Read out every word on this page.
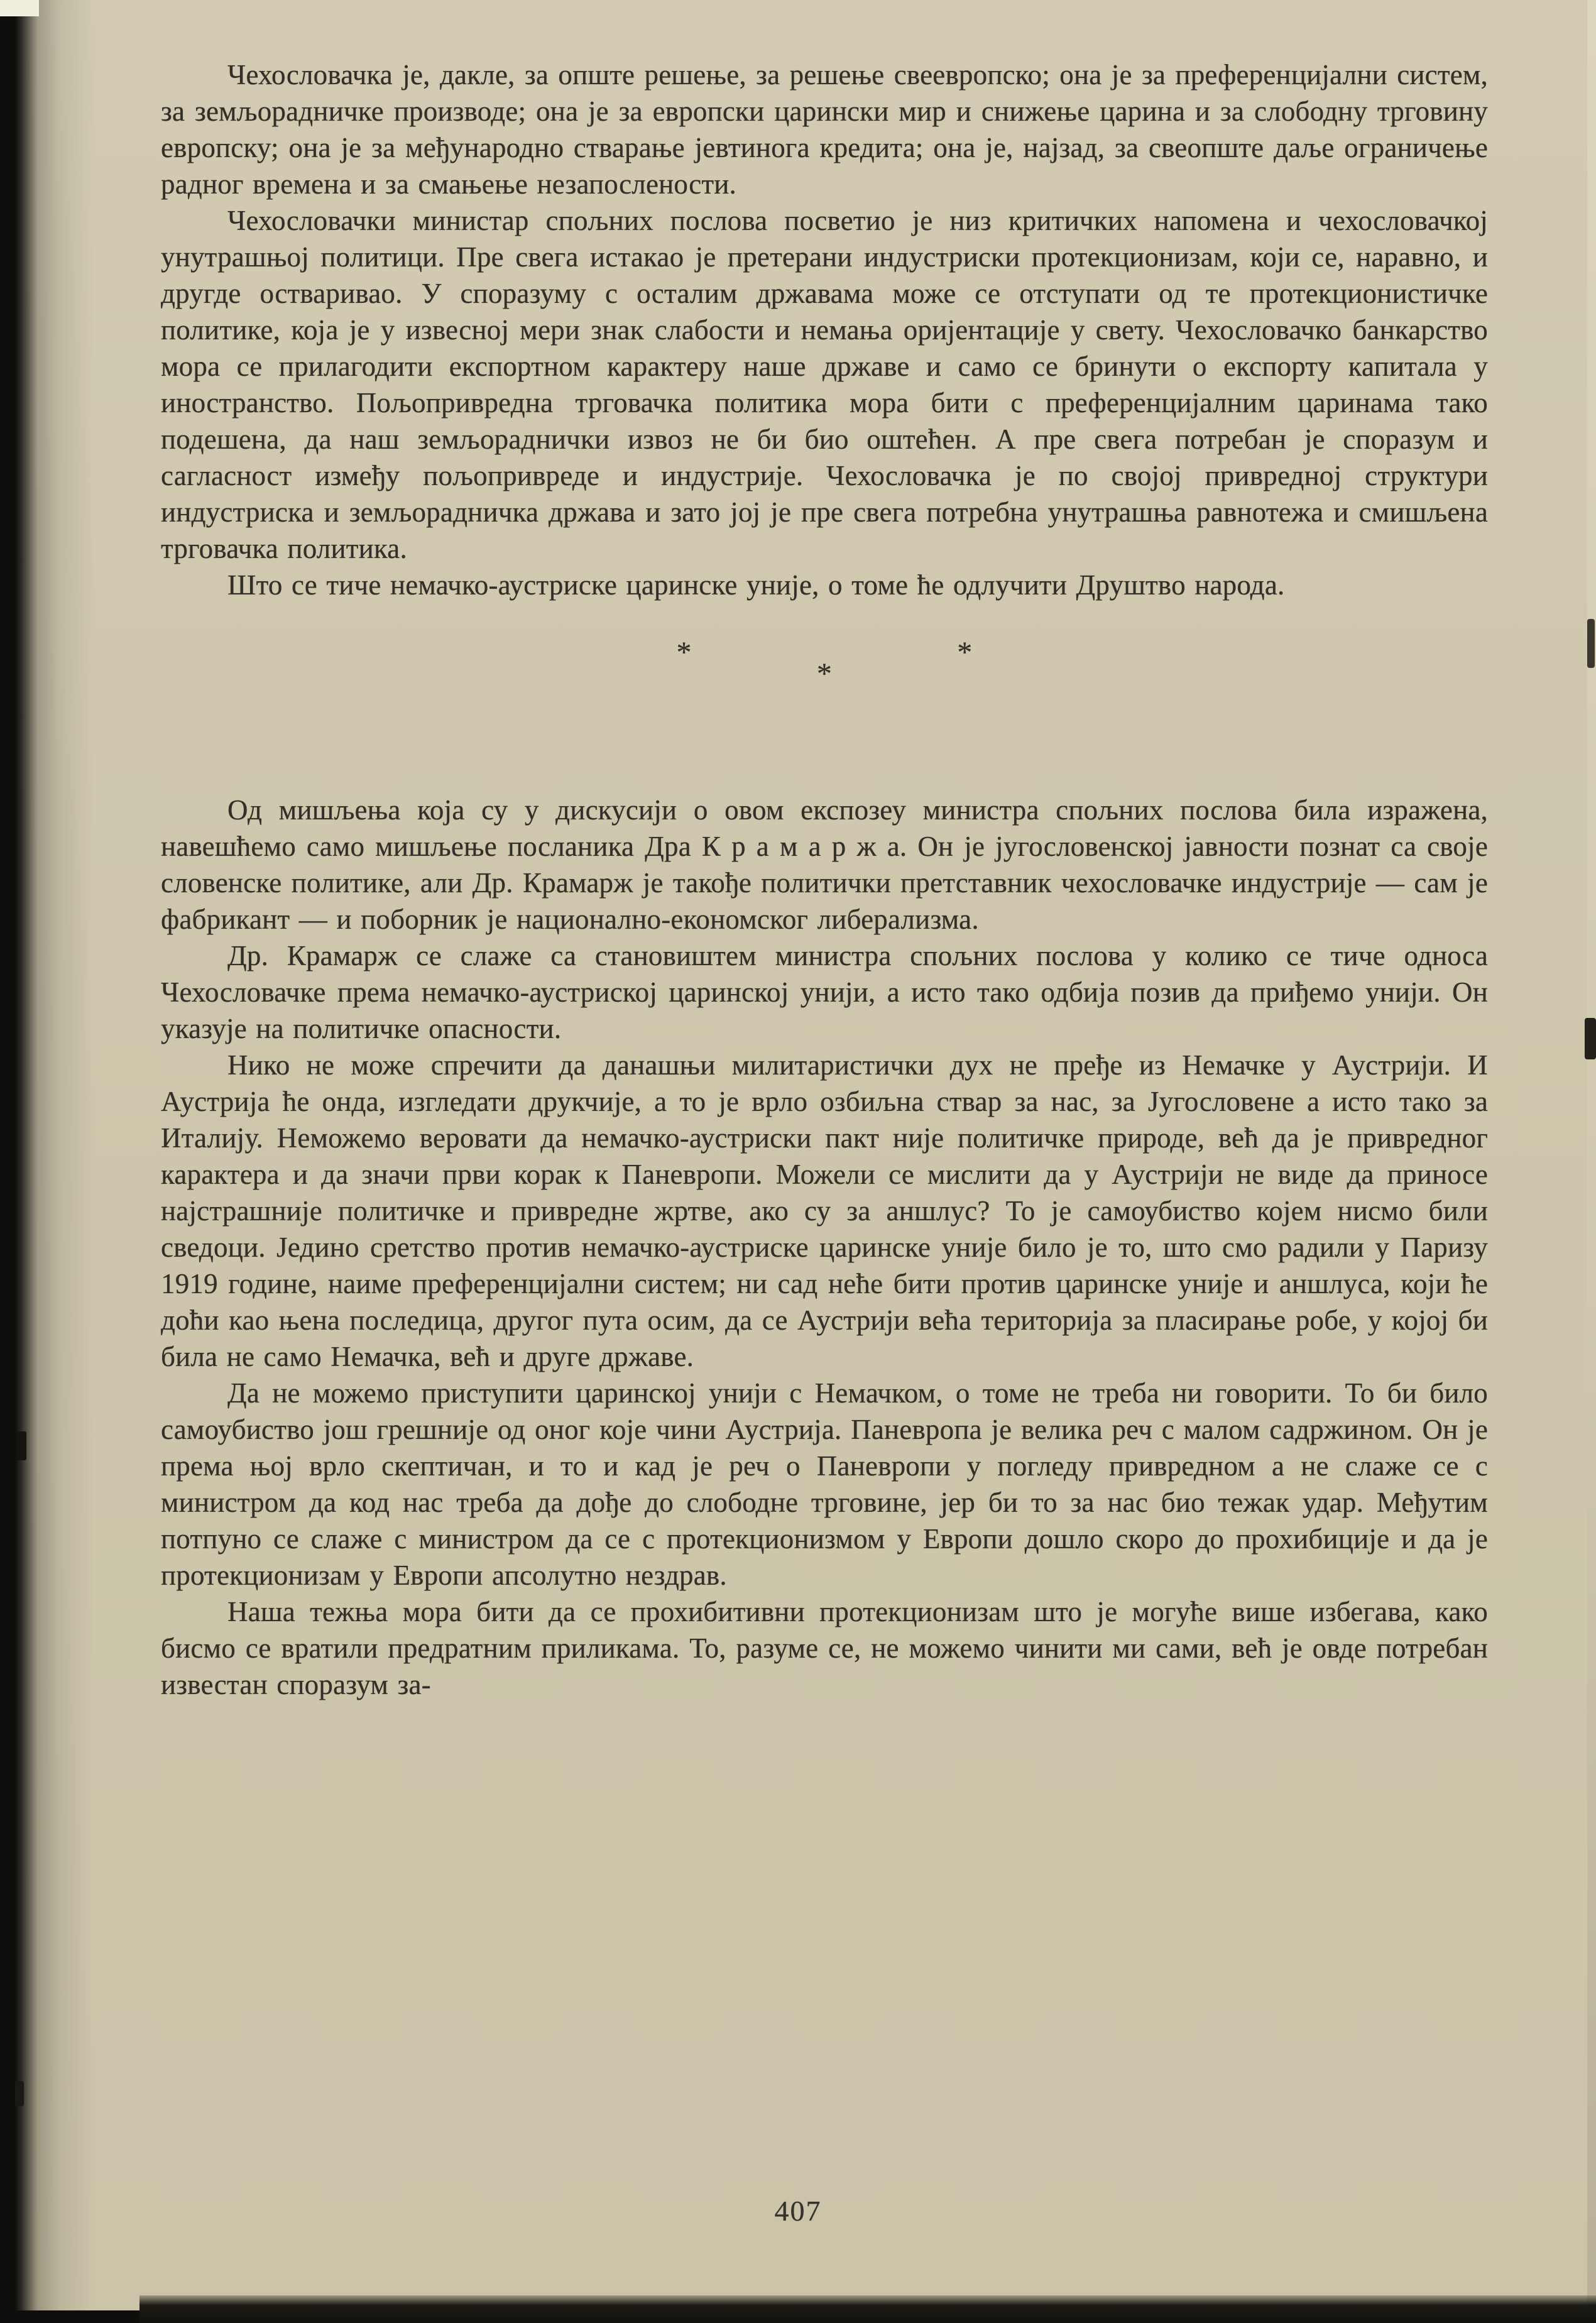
Чехословачка је, дакле, за опште решење, за решење свеевропско; она је за преференцијални систем, за земљорадничке производе; она је за европски царински мир и снижење царина и за слободну трговину европску; она је за међународно стварање јевтинога кредита; она је, најзад, за свеопште даље ограничење радног времена и за смањење незапослености.

Чехословачки министар спољних послова посветио је низ критичких напомена и чехословачкој унутрашњој политици. Пре свега истакао је претерани индустриски протекционизам, који се, наравно, и другде остваривао. У споразуму с осталим државама може се отступати од те протекционистичке политике, која је у извесној мери знак слабости и немања оријентације у свету. Чехословачко банкарство мора се прилагодити експортном карактеру наше државе и само се бринути о експорту капитала у иностранство. Пољопривредна трговачка политика мора бити с преференцијалним царинама тако подешена, да наш земљораднички извоз не би био оштећен. А пре свега потребан је споразум и сагласност између пољопривреде и индустрије. Чехословачка је по својој привредној структури индустриска и земљорадничка држава и зато јој је пре свега потребна унутрашња равнотежа и смишљена трговачка политика.

Што се тиче немачко-аустриске царинске уније, о томе ће одлучити Друштво народа.

* * *

Од мишљења која су у дискусији о овом експозеу министра спољних послова била изражена, навешћемо само мишљење посланика Дра К р а м а р ж а. Он је југословенској јавности познат са своје словенске политике, али Др. Крамарж је такође политички претставник чехословачке индустрије — сам је фабрикант — и поборник је национално-економског либерализма.

Др. Крамарж се слаже са становиштем министра спољних послова у колико се тиче односа Чехословачке према немачко-аустриској царинској унији, а исто тако одбија позив да приђемо унији. Он указује на политичке опасности.

Нико не може спречити да данашњи милитаристички дух не пређе из Немачке у Аустрији. И Аустрија ће онда, изгледати друкчије, а то је врло озбиљна ствар за нас, за Југословене а исто тако за Италију. Неможемо веровати да немачко-аустриски пакт није политичке природе, већ да је привредног карактера и да значи први корак к Паневропи. Можели се мислити да у Аустрији не виде да приносе најстрашније политичке и привредне жртве, ако су за аншлус? То је самоубиство којем нисмо били сведоци. Једино сретство против немачко-аустриске царинске уније било је то, што смо радили у Паризу 1919 године, наиме преференцијални систем; ни сад неће бити против царинске уније и аншлуса, који ће доћи као њена последица, другог пута осим, да се Аустрији већа територија за пласирање робе, у којој би била не само Немачка, већ и друге државе.

Да не можемо приступити царинској унији с Немачком, о томе не треба ни говорити. То би било самоубиство још грешније од оног које чини Аустрија. Паневропа је велика реч с малом садржином. Он је према њој врло скептичан, и то и кад је реч о Паневропи у погледу привредном а не слаже се с министром да код нас треба да дође до слободне трговине, јер би то за нас био тежак удар. Међутим потпуно се слаже с министром да се с протекционизмом у Европи дошло скоро до прохибиције и да је протекционизам у Европи апсолутно нездрав.

Наша тежња мора бити да се прохибитивни протекционизам што је могуће више избегава, како бисмо се вратили предратним приликама. То, разуме се, не можемо чинити ми сами, већ је овде потребан известан споразум за-

407
